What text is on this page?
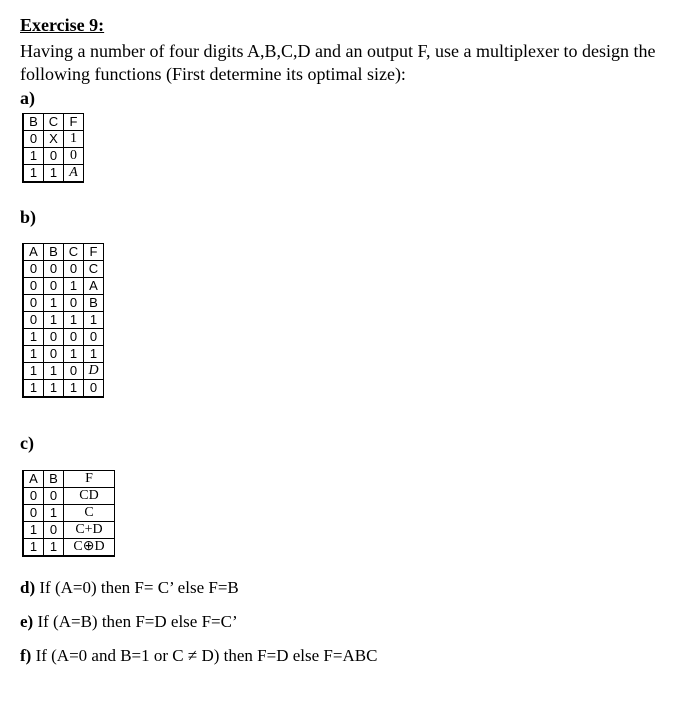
Exercise 9:
Having a number of four digits A,B,C,D and an output F, use a multiplexer to design the following functions (First determine its optimal size):
a)
B	C	F
0	X	1
1	0	0
1	1	$\overline{A}$
b)
A	B	C	F
0	0	0	C
0	0	1	A
0	1	0	B
0	1	1	1
1	0	0	0
1	0	1	1
1	1	0	$\overline{D}$
1	1	1	0
c)
A	B	F
0	0	CD
0	1	C
1	0	C+D
1	1	C⊕D
d) If (A=0) then F= C’ else F=B
e) If (A=B) then F=D else F=C’
f) If (A=0 and B=1 or C ≠ D) then F=D else F=ABC
